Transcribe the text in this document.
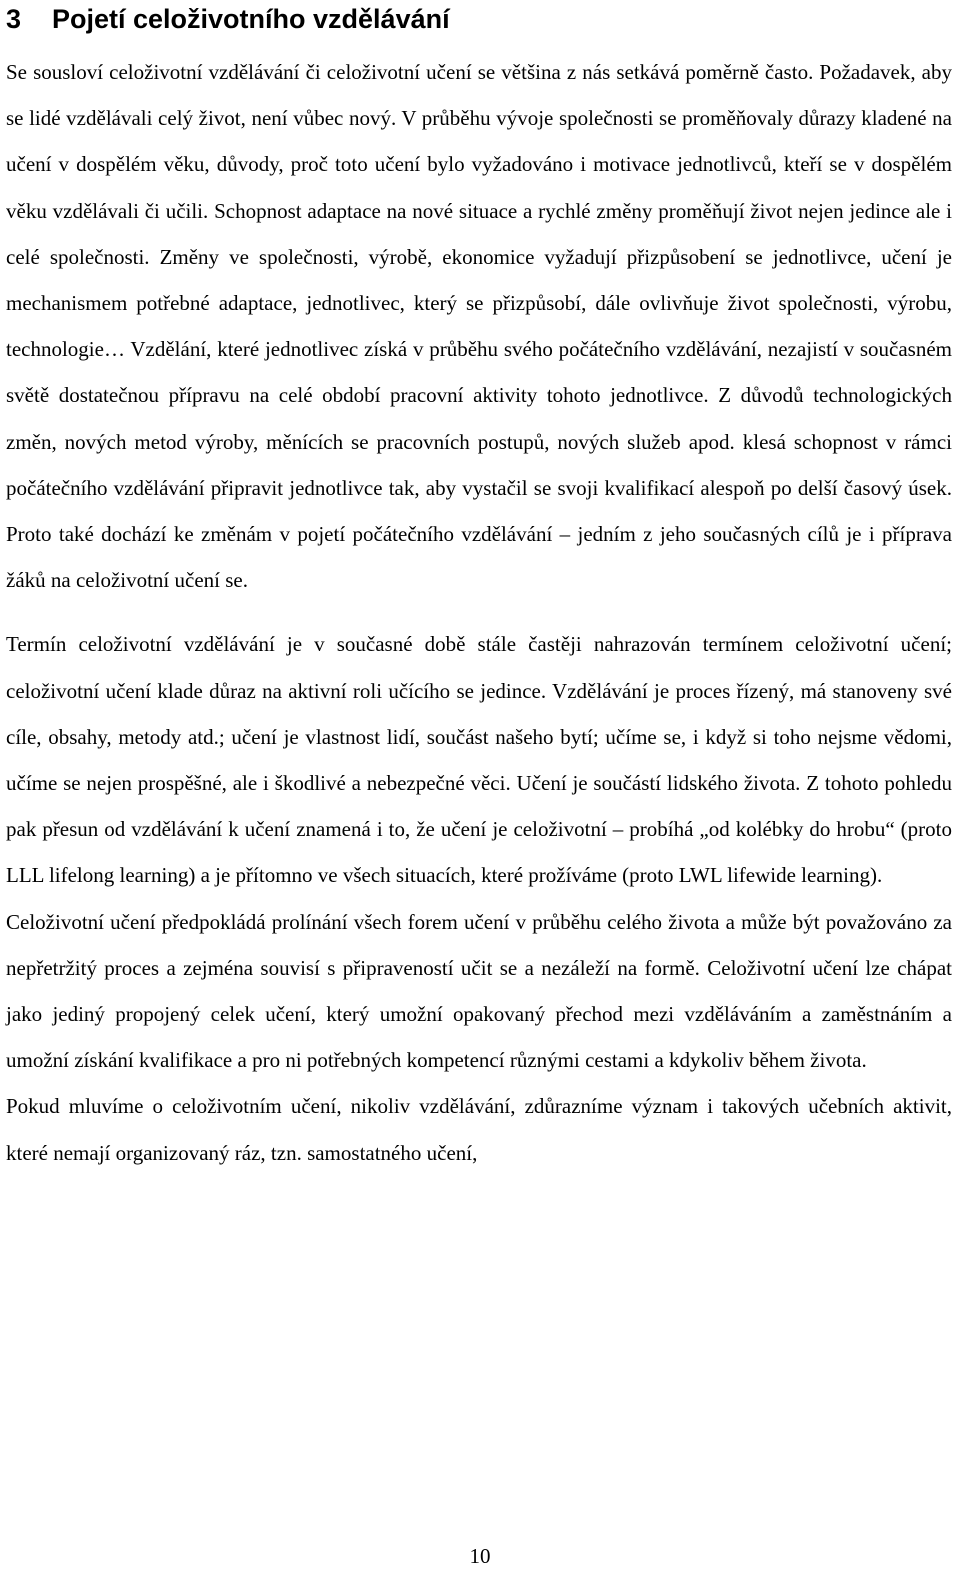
3 Pojetí celoživotního vzdělávání

Se sousloví celoživotní vzdělávání či celoživotní učení se většina z nás setkává poměrně často. Požadavek, aby se lidé vzdělávali celý život, není vůbec nový. V průběhu vývoje společnosti se proměňovaly důrazy kladené na učení v dospělém věku, důvody, proč toto učení bylo vyžadováno i motivace jednotlivců, kteří se v dospělém věku vzdělávali či učili. Schopnost adaptace na nové situace a rychlé změny proměňují život nejen jedince ale i celé společnosti. Změny ve společnosti, výrobě, ekonomice vyžadují přizpůsobení se jednotlivce, učení je mechanismem potřebné adaptace, jednotlivec, který se přizpůsobí, dále ovlivňuje život společnosti, výrobu, technologie… Vzdělání, které jednotlivec získá v průběhu svého počátečního vzdělávání, nezajistí v současném světě dostatečnou přípravu na celé období pracovní aktivity tohoto jednotlivce. Z důvodů technologických změn, nových metod výroby, měnících se pracovních postupů, nových služeb apod. klesá schopnost v rámci počátečního vzdělávání připravit jednotlivce tak, aby vystačil se svoji kvalifikací alespoň po delší časový úsek. Proto také dochází ke změnám v pojetí počátečního vzdělávání – jedním z jeho současných cílů je i příprava žáků na celoživotní učení se.

Termín celoživotní vzdělávání je v současné době stále častěji nahrazován termínem celoživotní učení; celoživotní učení klade důraz na aktivní roli učícího se jedince. Vzdělávání je proces řízený, má stanoveny své cíle, obsahy, metody atd.; učení je vlastnost lidí, součást našeho bytí; učíme se, i když si toho nejsme vědomi, učíme se nejen prospěšné, ale i škodlivé a nebezpečné věci. Učení je součástí lidského života. Z tohoto pohledu pak přesun od vzdělávání k učení znamená i to, že učení je celoživotní – probíhá „od kolébky do hrobu“ (proto LLL lifelong learning) a je přítomno ve všech situacích, které prožíváme (proto LWL lifewide learning).

Celoživotní učení předpokládá prolínání všech forem učení v průběhu celého života a může být považováno za nepřetržitý proces a zejména souvisí s připraveností učit se a nezáleží na formě. Celoživotní učení lze chápat jako jediný propojený celek učení, který umožní opakovaný přechod mezi vzděláváním a zaměstnáním a umožní získání kvalifikace a pro ni potřebných kompetencí různými cestami a kdykoliv během života.

Pokud mluvíme o celoživotním učení, nikoliv vzdělávání, zdůrazníme význam i takových učebních aktivit, které nemají organizovaný ráz, tzn. samostatného učení,

10
